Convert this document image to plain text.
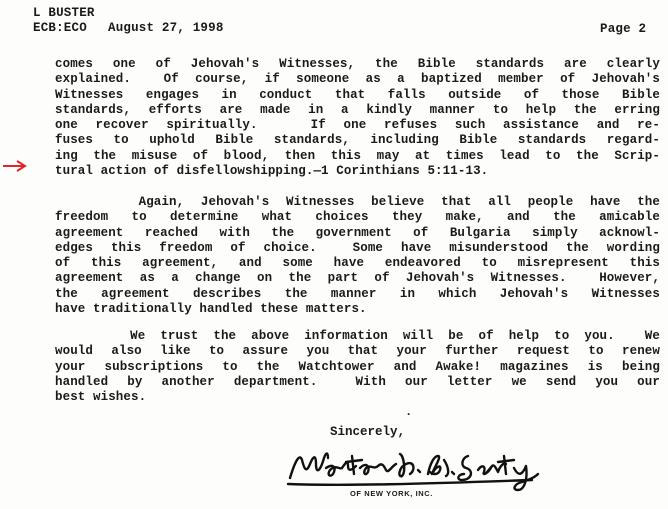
L BUSTER
ECB:ECO August 27, 1998	Page 2
comes one of Jehovah's Witnesses, the Bible standards are clearly
explained.  Of course, if someone as a baptized member of Jehovah's
Witnesses engages in conduct that falls outside of those Bible
standards, efforts are made in a kindly manner to help the erring
one recover spiritually.   If one refuses such assistance and re-
fuses to uphold Bible standards, including Bible standards regard-
ing the misuse of blood, then this may at times lead to the Scrip-
tural action of disfellowshipping.—1 Corinthians 5:11-13.
Again, Jehovah's Witnesses believe that all people have the
freedom to determine what choices they make, and the amicable
agreement reached with the government of Bulgaria simply acknowl-
edges this freedom of choice.  Some have misunderstood the wording
of this agreement, and some have endeavored to misrepresent this
agreement as a change on the part of Jehovah's Witnesses.  However,
the agreement describes the manner in which Jehovah's Witnesses
have traditionally handled these matters.
We trust the above information will be of help to you.  We
would also like to assure you that your further request to renew
your subscriptions to the Watchtower and Awake! magazines is being
handled by another department.  With our letter we send you our
best wishes.
.
Sincerely,
OF NEW YORK, INC.
